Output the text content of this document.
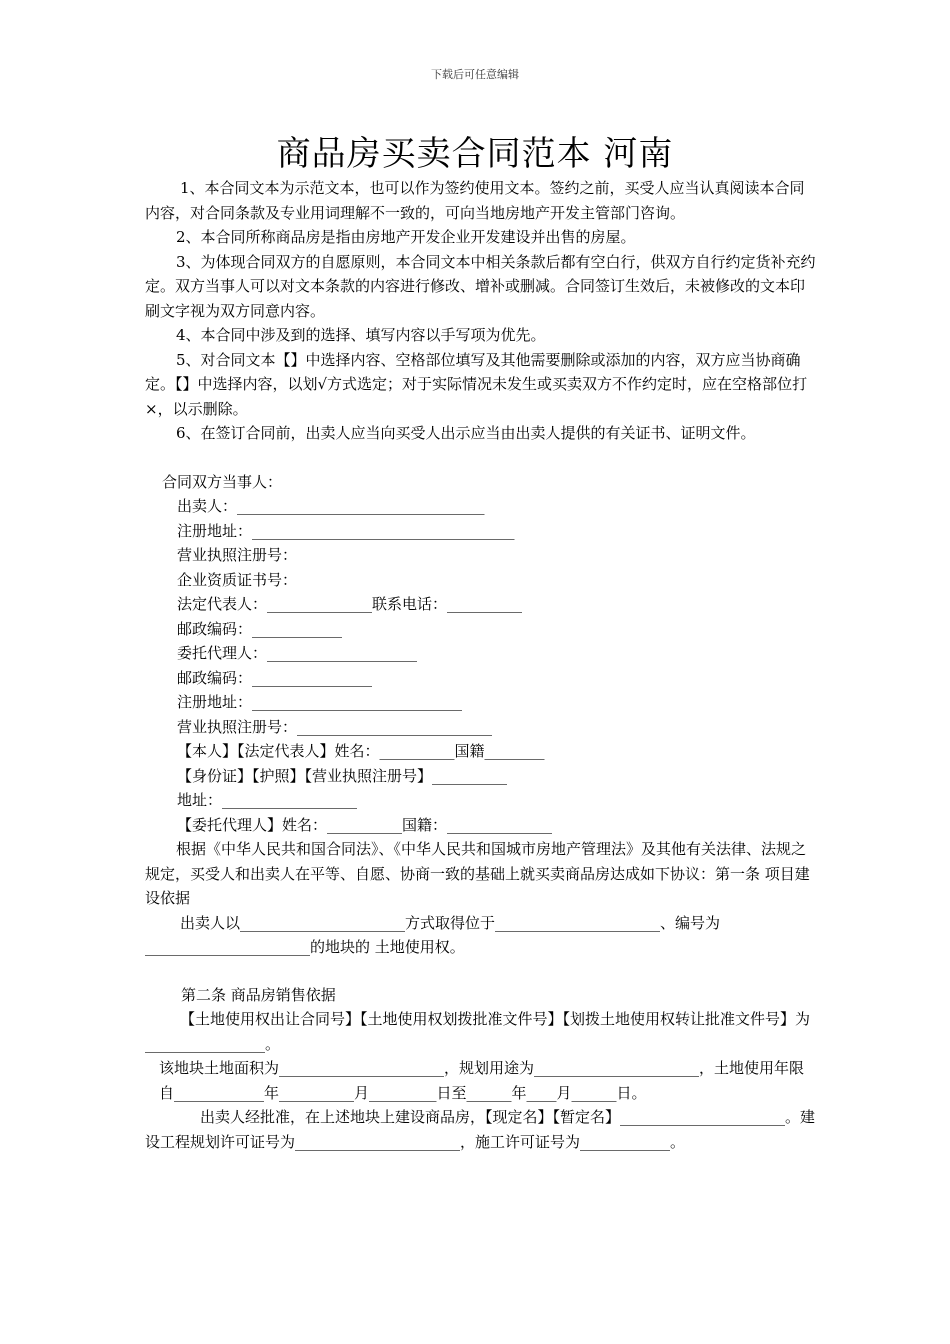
下载后可任意编辑
商品房买卖合同范本 河南

1、本合同文本为示范文本，也可以作为签约使用文本。签约之前，买受人应当认真阅读本合同内容，对合同条款及专业用词理解不一致的，可向当地房地产开发主管部门咨询。

2、本合同所称商品房是指由房地产开发企业开发建设并出售的房屋。

3、为体现合同双方的自愿原则，本合同文本中相关条款后都有空白行，供双方自行约定货补充约定。双方当事人可以对文本条款的内容进行修改、增补或删减。合同签订生效后，未被修改的文本印刷文字视为双方同意内容。

4、本合同中涉及到的选择、填写内容以手写项为优先。

5、对合同文本【】中选择内容、空格部位填写及其他需要删除或添加的内容，双方应当协商确定。【】中选择内容，以划√方式选定；对于实际情况未发生或买卖双方不作约定时，应在空格部位打×，以示删除。

6、在签订合同前，出卖人应当向买受人出示应当由出卖人提供的有关证书、证明文件。

合同双方当事人：

出卖人：_________________________________

注册地址：___________________________________

营业执照注册号：

企业资质证书号：

法定代表人：______________联系电话：__________

邮政编码：____________

委托代理人：____________________

邮政编码：________________

注册地址：____________________________

营业执照注册号：__________________________

【本人】【法定代表人】姓名：__________国籍________

【身份证】【护照】【营业执照注册号】__________

地址：__________________

【委托代理人】姓名：__________国籍：______________

根据《中华人民共和国合同法》、《中华人民共和国城市房地产管理法》及其他有关法律、法规之规定，买受人和出卖人在平等、自愿、协商一致的基础上就买卖商品房达成如下协议：第一条 项目建设依据

出卖人以______________________方式取得位于______________________、编号为______________________的地块的 土地使用权。

第二条 商品房销售依据

【土地使用权出让合同号】【土地使用权划拨批准文件号】【划拨土地使用权转让批准文件号】为________________。

该地块土地面积为______________________，规划用途为______________________，土地使用年限自____________年__________月_________日至______年____月______日。

出卖人经批准，在上述地块上建设商品房，【现定名】【暂定名】______________________。建设工程规划许可证号为______________________，施工许可证号为____________。
